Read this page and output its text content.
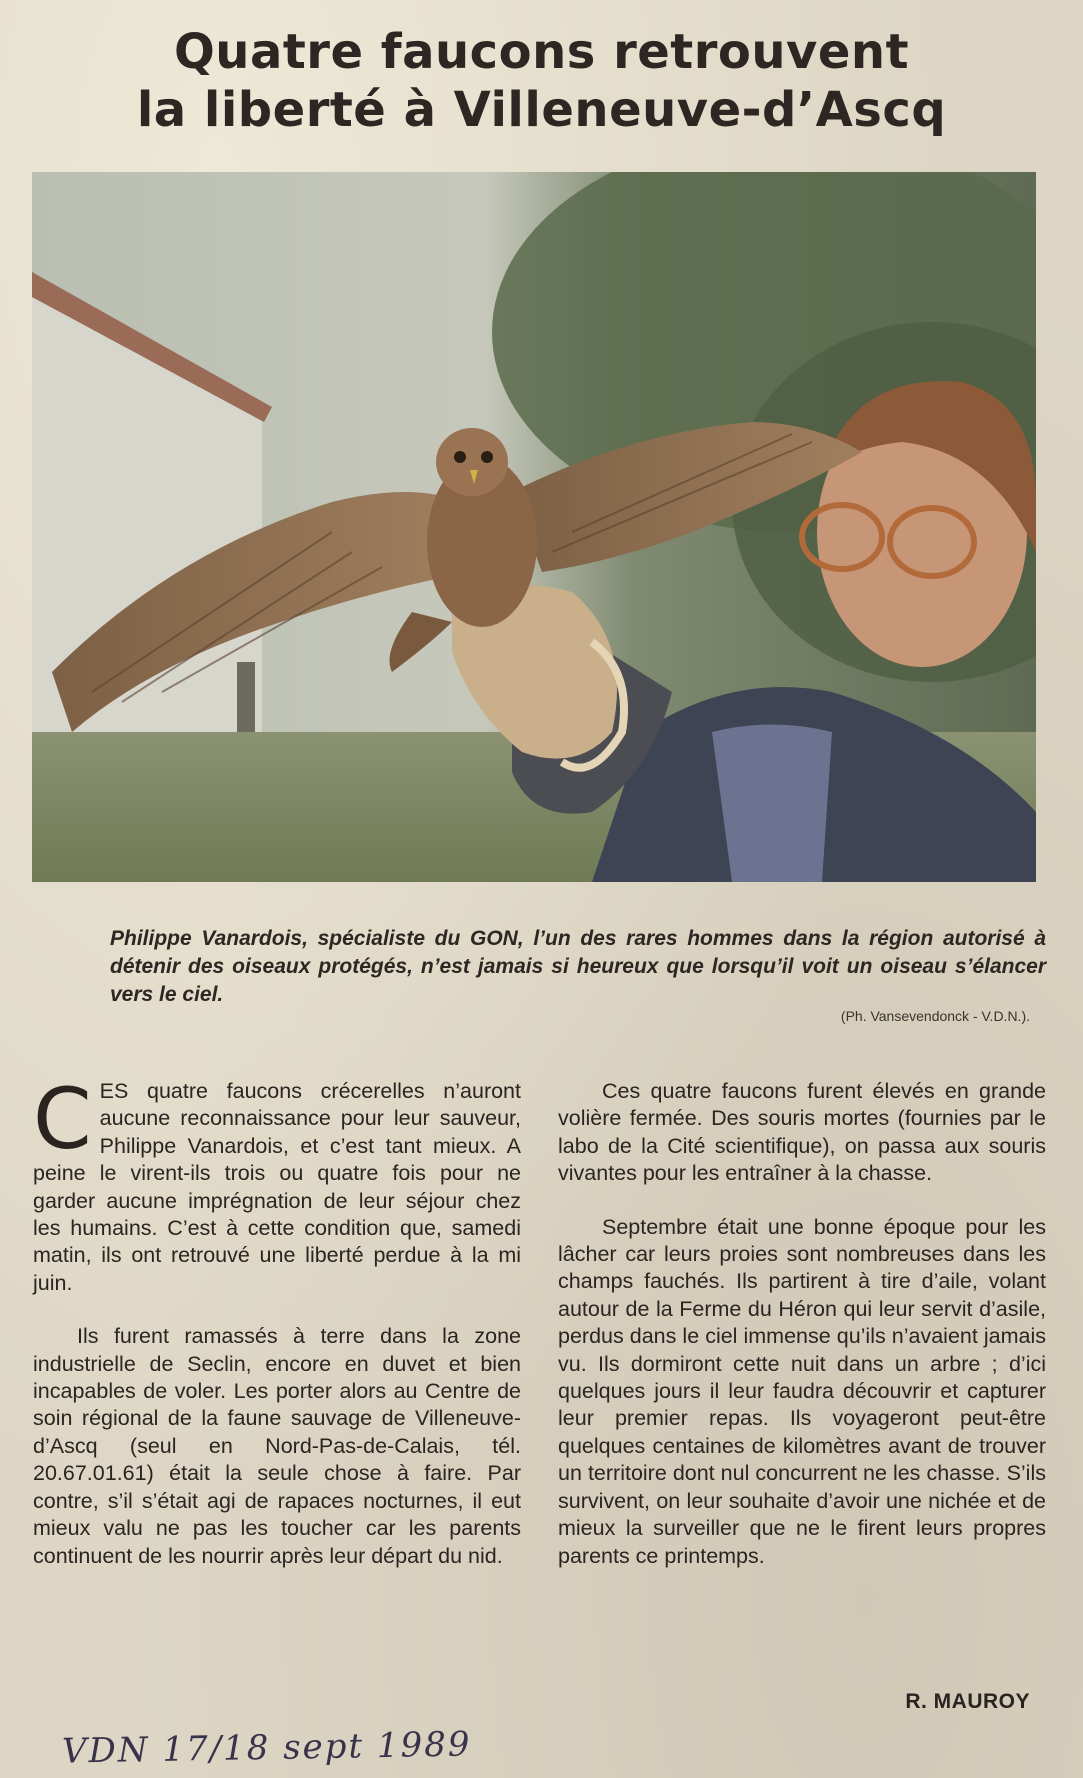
Quatre faucons retrouvent
la liberté à Villeneuve-d’Ascq
Philippe Vanardois, spécialiste du GON, l’un des rares hommes dans la région autorisé à détenir des oiseaux protégés, n’est jamais si heureux que lorsqu’il voit un oiseau s’élancer vers le ciel.
(Ph. Vansevendonck - V.D.N.).

CES quatre faucons crécerelles n’auront aucune reconnaissance pour leur sauveur, Philippe Vanardois, et c’est tant mieux. A peine le virent-ils trois ou quatre fois pour ne garder aucune imprégnation de leur séjour chez les humains. C’est à cette condition que, samedi matin, ils ont retrouvé une liberté perdue à la mi juin.

Ils furent ramassés à terre dans la zone industrielle de Seclin, encore en duvet et bien incapables de voler. Les porter alors au Centre de soin régional de la faune sauvage de Villeneuve-d’Ascq (seul en Nord-Pas-de-Calais, tél. 20.67.01.61) était la seule chose à faire. Par contre, s’il s’était agi de rapaces nocturnes, il eut mieux valu ne pas les toucher car les parents continuent de les nourrir après leur départ du nid.

Ces quatre faucons furent élevés en grande volière fermée. Des souris mortes (fournies par le labo de la Cité scientifique), on passa aux souris vivantes pour les entraîner à la chasse.

Septembre était une bonne époque pour les lâcher car leurs proies sont nombreuses dans les champs fauchés. Ils partirent à tire d’aile, volant autour de la Ferme du Héron qui leur servit d’asile, perdus dans le ciel immense qu’ils n’avaient jamais vu. Ils dormiront cette nuit dans un arbre ; d’ici quelques jours il leur faudra découvrir et capturer leur premier repas. Ils voyageront peut-être quelques centaines de kilomètres avant de trouver un territoire dont nul concurrent ne les chasse. S’ils survivent, on leur souhaite d’avoir une nichée et de mieux la surveiller que ne le firent leurs propres parents ce printemps.

R. MAUROY
VDN 17/18 sept 1989
